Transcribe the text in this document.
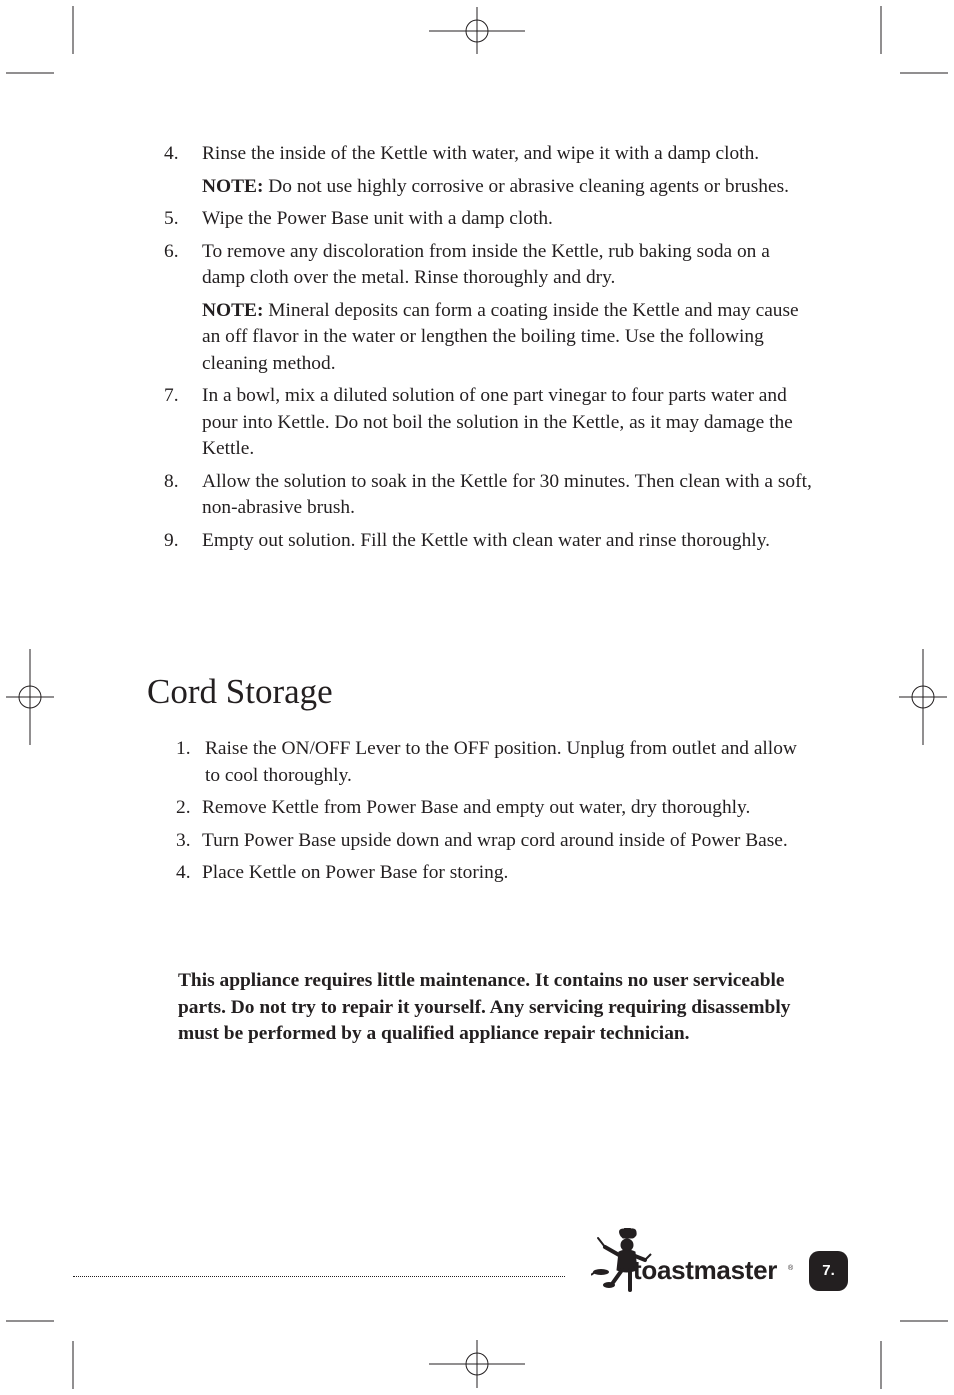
4. Rinse the inside of the Kettle with water, and wipe it with a damp cloth.
NOTE: Do not use highly corrosive or abrasive cleaning agents or brushes.
5. Wipe the Power Base unit with a damp cloth.
6. To remove any discoloration from inside the Kettle, rub baking soda on a damp cloth over the metal. Rinse thoroughly and dry.
NOTE: Mineral deposits can form a coating inside the Kettle and may cause an off flavor in the water or lengthen the boiling time. Use the following cleaning method.
7. In a bowl, mix a diluted solution of one part vinegar to four parts water and pour into Kettle. Do not boil the solution in the Kettle, as it may damage the Kettle.
8. Allow the solution to soak in the Kettle for 30 minutes. Then clean with a soft, non-abrasive brush.
9. Empty out solution. Fill the Kettle with clean water and rinse thoroughly.
Cord Storage
1. Raise the ON/OFF Lever to the OFF position. Unplug from outlet and allow to cool thoroughly.
2. Remove Kettle from Power Base and empty out water, dry thoroughly.
3. Turn Power Base upside down and wrap cord around inside of Power Base.
4. Place Kettle on Power Base for storing.

This appliance requires little maintenance. It contains no user serviceable parts. Do not try to repair it yourself. Any servicing requiring disassembly must be performed by a qualified appliance repair technician.

toastmaster ®	7.
